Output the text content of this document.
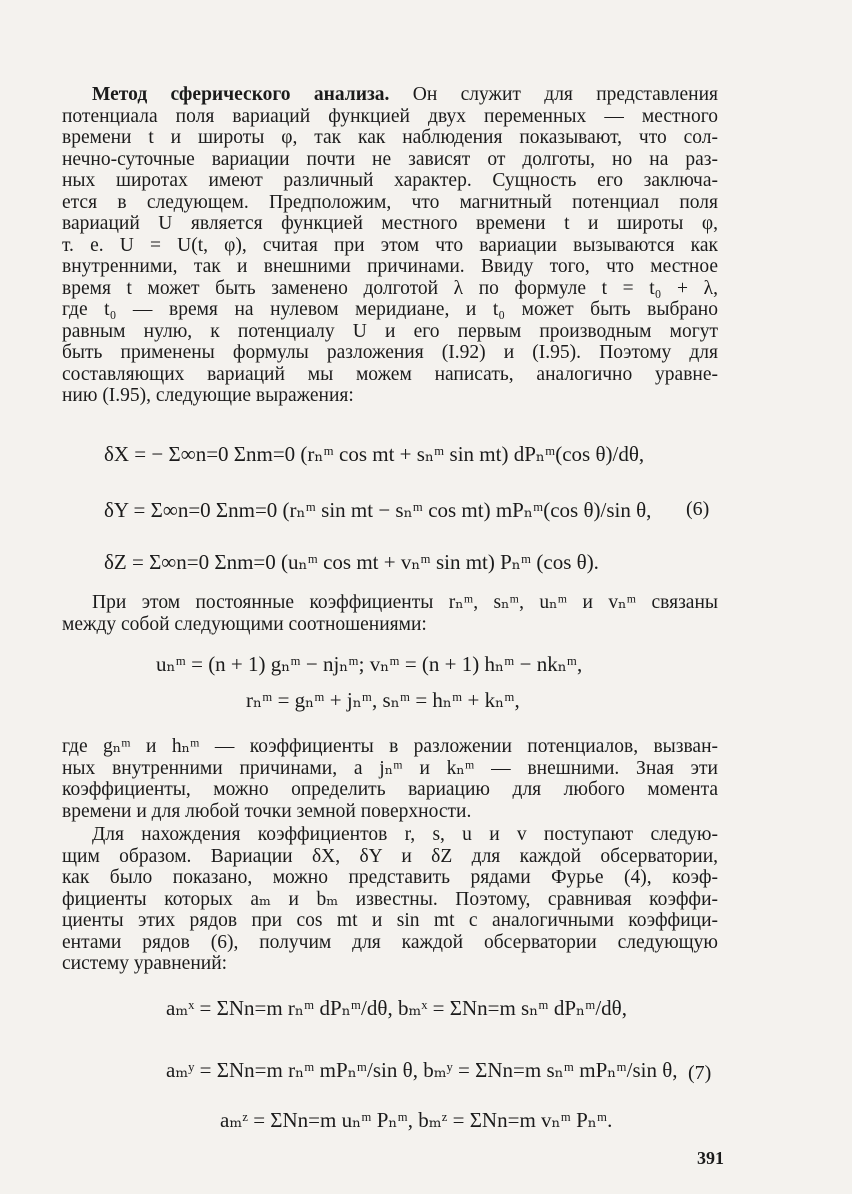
Метод сферического анализа. Он служит для представления
потенциала поля вариаций функцией двух переменных — местного
времени t и широты φ, так как наблюдения показывают, что сол-
нечно-суточные вариации почти не зависят от долготы, но на раз-
ных широтах имеют различный характер. Сущность его заключа-
ется в следующем. Предположим, что магнитный потенциал поля
вариаций U является функцией местного времени t и широты φ,
т. е. U = U(t, φ), считая при этом что вариации вызываются как
внутренними, так и внешними причинами. Ввиду того, что местное
время t может быть заменено долготой λ по формуле t = t₀ + λ,
где t₀ — время на нулевом меридиане, и t₀ может быть выбрано
равным нулю, к потенциалу U и его первым производным могут
быть применены формулы разложения (I.92) и (I.95). Поэтому для
составляющих вариаций мы можем написать, аналогично уравне-
нию (I.95), следующие выражения:
δX = − Σ∞n=0 Σnm=0 (rₙᵐ cos mt + sₙᵐ sin mt) dPₙᵐ(cos θ)/dθ,
δY = Σ∞n=0 Σnm=0 (rₙᵐ sin mt − sₙᵐ cos mt) mPₙᵐ(cos θ)/sin θ,
δZ = Σ∞n=0 Σnm=0 (uₙᵐ cos mt + vₙᵐ sin mt) Pₙᵐ (cos θ).
(6)
При этом постоянные коэффициенты rₙᵐ, sₙᵐ, uₙᵐ и vₙᵐ связаны
между собой следующими соотношениями:
uₙᵐ = (n + 1) gₙᵐ − njₙᵐ; vₙᵐ = (n + 1) hₙᵐ − nkₙᵐ,
rₙᵐ = gₙᵐ + jₙᵐ, sₙᵐ = hₙᵐ + kₙᵐ,
где gₙᵐ и hₙᵐ — коэффициенты в разложении потенциалов, вызван-
ных внутренними причинами, а jₙᵐ и kₙᵐ — внешними. Зная эти
коэффициенты, можно определить вариацию для любого момента
времени и для любой точки земной поверхности.
Для нахождения коэффициентов r, s, u и v поступают следую-
щим образом. Вариации δX, δY и δZ для каждой обсерватории,
как было показано, можно представить рядами Фурье (4), коэф-
фициенты которых aₘ и bₘ известны. Поэтому, сравнивая коэффи-
циенты этих рядов при cos mt и sin mt с аналогичными коэффици-
ентами рядов (6), получим для каждой обсерватории следующую
систему уравнений:
aₘˣ = ΣNn=m rₙᵐ dPₙᵐ/dθ, bₘˣ = ΣNn=m sₙᵐ dPₙᵐ/dθ,
aₘʸ = ΣNn=m rₙᵐ mPₙᵐ/sin θ, bₘʸ = ΣNn=m sₙᵐ mPₙᵐ/sin θ,
aₘᶻ = ΣNn=m uₙᵐ Pₙᵐ, bₘᶻ = ΣNn=m vₙᵐ Pₙᵐ.
(7)
391
